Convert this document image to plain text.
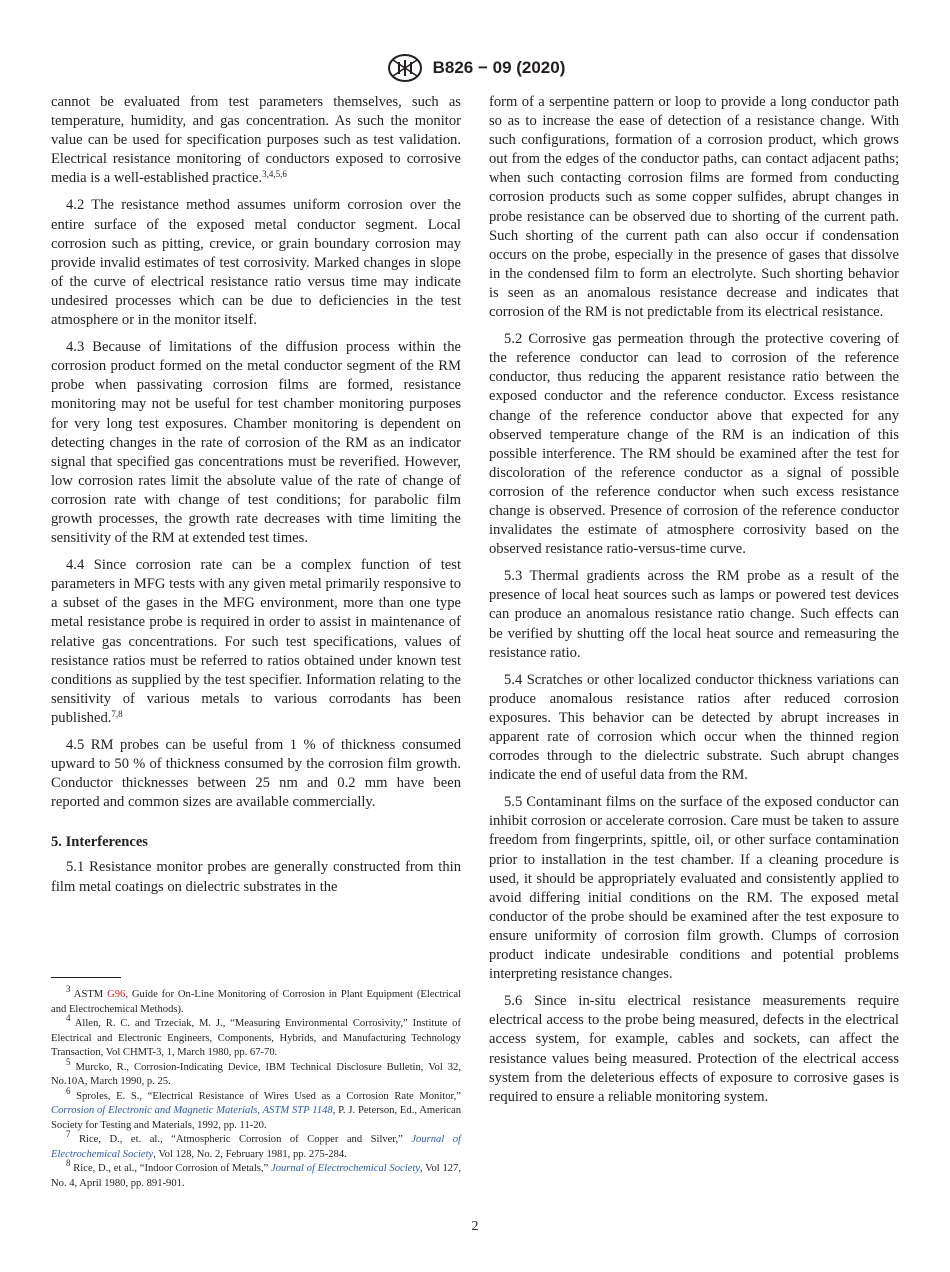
B826 − 09 (2020)

cannot be evaluated from test parameters themselves, such as temperature, humidity, and gas concentration. As such the monitor value can be used for specification purposes such as test validation. Electrical resistance monitoring of conductors exposed to corrosive media is a well-established practice.$^{3,4,5,6}$

4.2 The resistance method assumes uniform corrosion over the entire surface of the exposed metal conductor segment. Local corrosion such as pitting, crevice, or grain boundary corrosion may provide invalid estimates of test corrosivity. Marked changes in slope of the curve of electrical resistance ratio versus time may indicate undesired processes which can be due to deficiencies in the test atmosphere or in the monitor itself.

4.3 Because of limitations of the diffusion process within the corrosion product formed on the metal conductor segment of the RM probe when passivating corrosion films are formed, resistance monitoring may not be useful for test chamber monitoring purposes for very long test exposures. Chamber monitoring is dependent on detecting changes in the rate of corrosion of the RM as an indicator signal that specified gas concentrations must be reverified. However, low corrosion rates limit the absolute value of the rate of change of corrosion rate with change of test conditions; for parabolic film growth processes, the growth rate decreases with time limiting the sensitivity of the RM at extended test times.

4.4 Since corrosion rate can be a complex function of test parameters in MFG tests with any given metal primarily responsive to a subset of the gases in the MFG environment, more than one type metal resistance probe is required in order to assist in maintenance of relative gas concentrations. For such test specifications, values of resistance ratios must be referred to ratios obtained under known test conditions as supplied by the test specifier. Information relating to the sensitivity of various metals to various corrodants has been published.$^{7,8}$

4.5 RM probes can be useful from 1 % of thickness consumed upward to 50 % of thickness consumed by the corrosion film growth. Conductor thicknesses between 25 nm and 0.2 mm have been reported and common sizes are available commercially.

5. Interferences

5.1 Resistance monitor probes are generally constructed from thin film metal coatings on dielectric substrates in the

form of a serpentine pattern or loop to provide a long conductor path so as to increase the ease of detection of a resistance change. With such configurations, formation of a corrosion product, which grows out from the edges of the conductor paths, can contact adjacent paths; when such contacting corrosion films are formed from conducting corrosion products such as some copper sulfides, abrupt changes in probe resistance can be observed due to shorting of the current path. Such shorting of the current path can also occur if condensation occurs on the probe, especially in the presence of gases that dissolve in the condensed film to form an electrolyte. Such shorting behavior is seen as an anomalous resistance decrease and indicates that corrosion of the RM is not predictable from its electrical resistance.

5.2 Corrosive gas permeation through the protective covering of the reference conductor can lead to corrosion of the reference conductor, thus reducing the apparent resistance ratio between the exposed conductor and the reference conductor. Excess resistance change of the reference conductor above that expected for any observed temperature change of the RM is an indication of this possible interference. The RM should be examined after the test for discoloration of the reference conductor as a signal of possible corrosion of the reference conductor when such excess resistance change is observed. Presence of corrosion of the reference conductor invalidates the estimate of atmosphere corrosivity based on the observed resistance ratio-versus-time curve.

5.3 Thermal gradients across the RM probe as a result of the presence of local heat sources such as lamps or powered test devices can produce an anomalous resistance ratio change. Such effects can be verified by shutting off the local heat source and remeasuring the resistance ratio.

5.4 Scratches or other localized conductor thickness variations can produce anomalous resistance ratios after reduced corrosion exposures. This behavior can be detected by abrupt increases in apparent rate of corrosion which occur when the thinned region corrodes through to the dielectric substrate. Such abrupt changes indicate the end of useful data from the RM.

5.5 Contaminant films on the surface of the exposed conductor can inhibit corrosion or accelerate corrosion. Care must be taken to assure freedom from fingerprints, spittle, oil, or other surface contamination prior to installation in the test chamber. If a cleaning procedure is used, it should be appropriately evaluated and consistently applied to avoid differing initial conditions on the RM. The exposed metal conductor of the probe should be examined after the test exposure to ensure uniformity of corrosion film growth. Clumps of corrosion product indicate undesirable conditions and potential problems interpreting resistance changes.

5.6 Since in-situ electrical resistance measurements require electrical access to the probe being measured, defects in the electrical access system, for example, cables and sockets, can affect the resistance values being measured. Protection of the electrical access system from the deleterious effects of exposure to corrosive gases is required to ensure a reliable monitoring system.

$^3$ ASTM G96, Guide for On-Line Monitoring of Corrosion in Plant Equipment (Electrical and Electrochemical Methods).

$^4$ Allen, R. C. and Trzeciak, M. J., “Measuring Environmental Corrosivity,” Institute of Electrical and Electronic Engineers, Components, Hybrids, and Manufacturing Technology Transaction, Vol CHMT-3, 1, March 1980, pp. 67-70.

$^5$ Murcko, R., Corrosion-Indicating Device, IBM Technical Disclosure Bulletin, Vol 32, No.10A, March 1990, p. 25.

$^6$ Sproles, E. S., “Electrical Resistance of Wires Used as a Corrosion Rate Monitor,” Corrosion of Electronic and Magnetic Materials, ASTM STP 1148, P. J. Peterson, Ed., American Society for Testing and Materials, 1992, pp. 11-20.

$^7$ Rice, D., et. al., “Atmospheric Corrosion of Copper and Silver,” Journal of Electrochemical Society, Vol 128, No. 2, February 1981, pp. 275-284.

$^8$ Rice, D., et al., “Indoor Corrosion of Metals,” Journal of Electrochemical Society, Vol 127, No. 4, April 1980, pp. 891-901.

2
